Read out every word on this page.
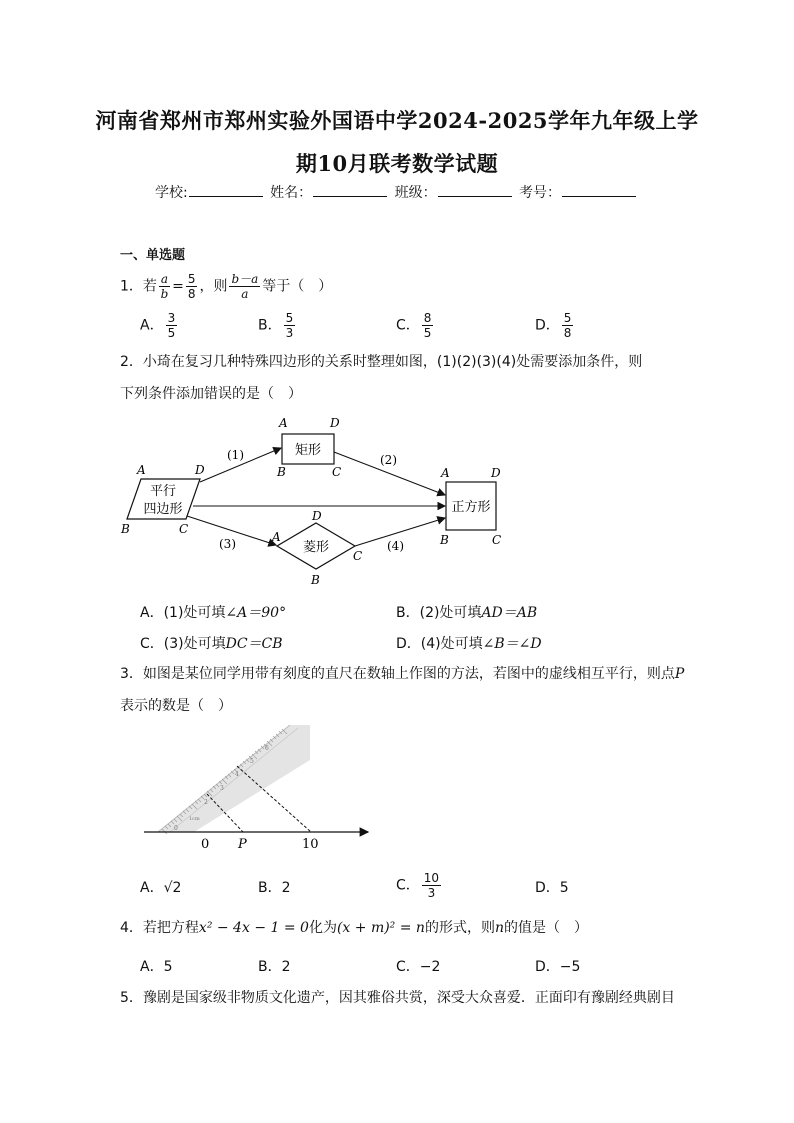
河南省郑州市郑州实验外国语中学2024-2025学年九年级上学
期10月联考数学试题
学校:	姓名：	班级：	考号：
一、单选题
1．若 $\frac{a}{b} = \frac{5}{8}$ ，则 $\frac{b-a}{a}$ 等于（　）
A． $\frac{3}{5}$	B． $\frac{5}{3}$	C． $\frac{8}{5}$	D． $\frac{5}{8}$
2．小琦在复习几种特殊四边形的关系时整理如图，(1)(2)(3)(4)处需要添加条件，则
下列条件添加错误的是（　）
平行
四边形
A	D
B	C
矩形
A	D
B	C
菱形
D
A
C
B
正方形
A	D
B	C
(1)	(2)
(3)	(4)
A．(1)处可填∠A＝90°	B．(2)处可填AD＝AB
C．(3)处可填DC＝CB	D．(4)处可填∠B＝∠D
3．如图是某位同学用带有刻度的直尺在数轴上作图的方法，若图中的虚线相互平行，则点P
表示的数是（　）
0
1cm
2
3
4
5
6
0 P	10
A．√2	B．2	C． $\frac{10}{3}$	D．5
4．若把方程x² − 4x − 1 = 0化为(x + m)² = n的形式，则n的值是（　）
A．5	B．2	C．−2	D．−5
5．豫剧是国家级非物质文化遗产，因其雅俗共赏，深受大众喜爱．正面印有豫剧经典剧目
